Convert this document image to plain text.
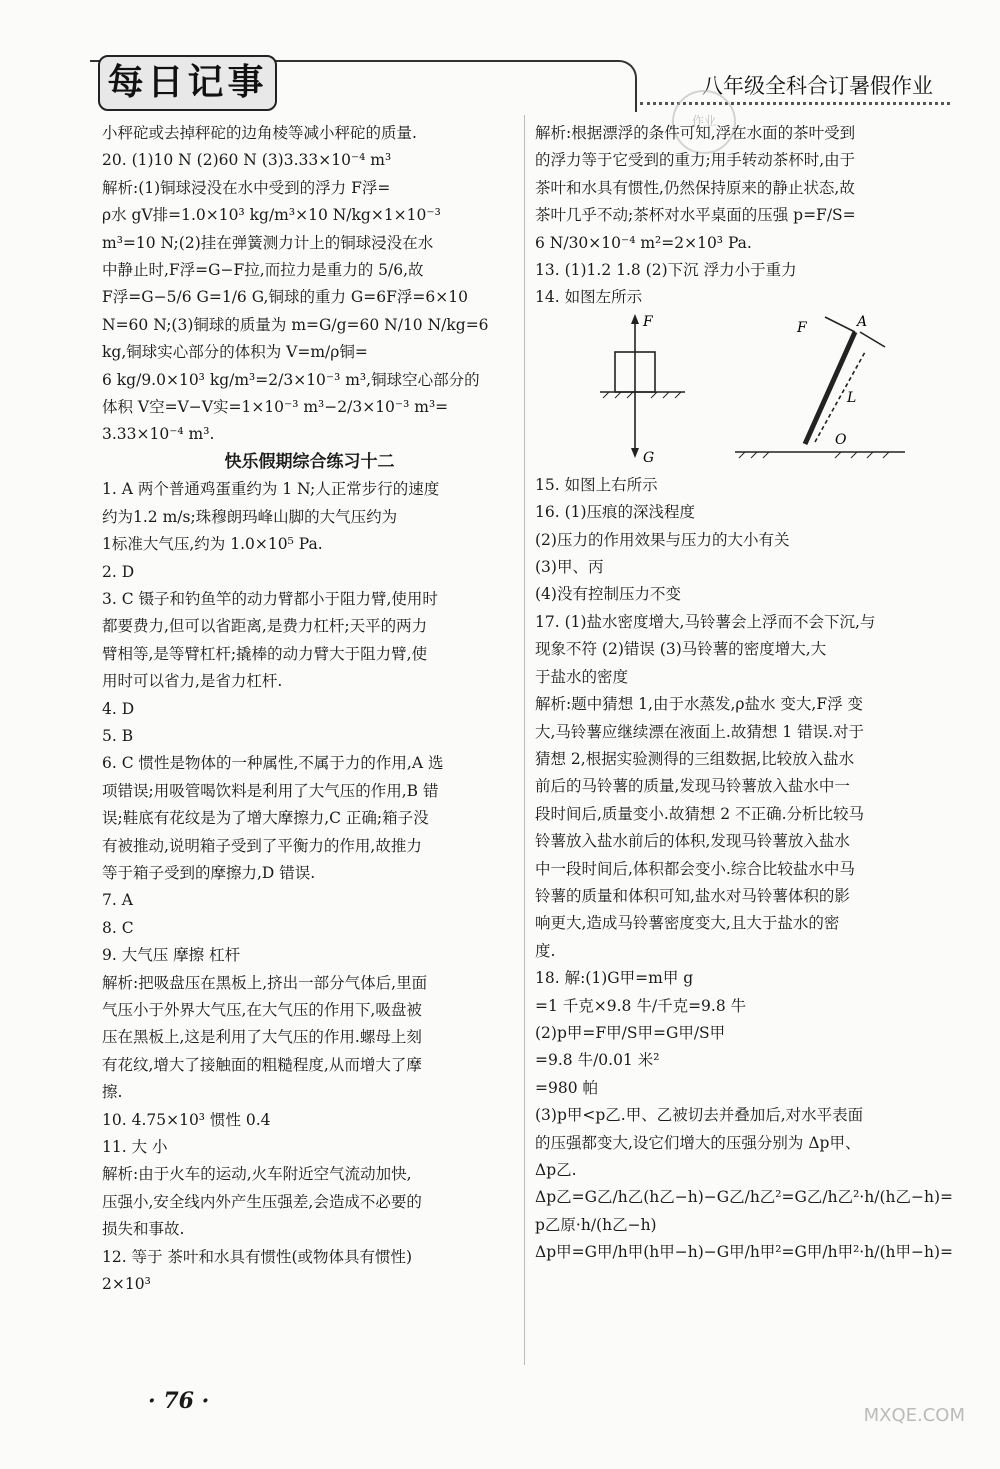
每日记事	八年级全科合订暑假作业
作业

小秤砣或去掉秤砣的边角棱等减小秤砣的质量.

20. (1)10 N (2)60 N (3)3.33×10⁻⁴ m³

解析:(1)铜球浸没在水中受到的浮力 F浮=

ρ水 gV排=1.0×10³ kg/m³×10 N/kg×1×10⁻³

m³=10 N;(2)挂在弹簧测力计上的铜球浸没在水

中静止时,F浮=G−F拉,而拉力是重力的 5/6,故

F浮=G−5/6 G=1/6 G,铜球的重力 G=6F浮=6×10

N=60 N;(3)铜球的质量为 m=G/g=60 N/10 N/kg=6

kg,铜球实心部分的体积为 V=m/ρ铜=

6 kg/9.0×10³ kg/m³=2/3×10⁻³ m³,铜球空心部分的

体积 V空=V−V实=1×10⁻³ m³−2/3×10⁻³ m³=

3.33×10⁻⁴ m³.

快乐假期综合练习十二

1. A 两个普通鸡蛋重约为 1 N;人正常步行的速度

约为1.2 m/s;珠穆朗玛峰山脚的大气压约为

1标准大气压,约为 1.0×10⁵ Pa.

2. D

3. C 镊子和钓鱼竿的动力臂都小于阻力臂,使用时

都要费力,但可以省距离,是费力杠杆;天平的两力

臂相等,是等臂杠杆;撬棒的动力臂大于阻力臂,使

用时可以省力,是省力杠杆.

4. D

5. B

6. C 惯性是物体的一种属性,不属于力的作用,A 选

项错误;用吸管喝饮料是利用了大气压的作用,B 错

误;鞋底有花纹是为了增大摩擦力,C 正确;箱子没

有被推动,说明箱子受到了平衡力的作用,故推力

等于箱子受到的摩擦力,D 错误.

7. A

8. C

9. 大气压 摩擦 杠杆

解析:把吸盘压在黑板上,挤出一部分气体后,里面

气压小于外界大气压,在大气压的作用下,吸盘被

压在黑板上,这是利用了大气压的作用.螺母上刻

有花纹,增大了接触面的粗糙程度,从而增大了摩

擦.

10. 4.75×10³ 惯性 0.4

11. 大 小

解析:由于火车的运动,火车附近空气流动加快,

压强小,安全线内外产生压强差,会造成不必要的

损失和事故.

12. 等于 茶叶和水具有惯性(或物体具有惯性)

2×10³

解析:根据漂浮的条件可知,浮在水面的茶叶受到

的浮力等于它受到的重力;用手转动茶杯时,由于

茶叶和水具有惯性,仍然保持原来的静止状态,故

茶叶几乎不动;茶杯对水平桌面的压强 p=F/S=

6 N/30×10⁻⁴ m²=2×10³ Pa.

13. (1)1.2 1.8 (2)下沉 浮力小于重力

14. 如图左所示

F
G
F	A
L
O

15. 如图上右所示

16. (1)压痕的深浅程度

(2)压力的作用效果与压力的大小有关

(3)甲、丙

(4)没有控制压力不变

17. (1)盐水密度增大,马铃薯会上浮而不会下沉,与

现象不符 (2)错误 (3)马铃薯的密度增大,大

于盐水的密度

解析:题中猜想 1,由于水蒸发,ρ盐水 变大,F浮 变

大,马铃薯应继续漂在液面上.故猜想 1 错误.对于

猜想 2,根据实验测得的三组数据,比较放入盐水

前后的马铃薯的质量,发现马铃薯放入盐水中一

段时间后,质量变小.故猜想 2 不正确.分析比较马

铃薯放入盐水前后的体积,发现马铃薯放入盐水

中一段时间后,体积都会变小.综合比较盐水中马

铃薯的质量和体积可知,盐水对马铃薯体积的影

响更大,造成马铃薯密度变大,且大于盐水的密

度.

18. 解:(1)G甲=m甲 g

=1 千克×9.8 牛/千克=9.8 牛

(2)p甲=F甲/S甲=G甲/S甲

=9.8 牛/0.01 米²

=980 帕

(3)p甲<p乙.甲、乙被切去并叠加后,对水平表面

的压强都变大,设它们增大的压强分别为 Δp甲、

Δp乙.

Δp乙=G乙/h乙(h乙−h)−G乙/h乙²=G乙/h乙²·h/(h乙−h)=

p乙原·h/(h乙−h)

Δp甲=G甲/h甲(h甲−h)−G甲/h甲²=G甲/h甲²·h/(h甲−h)=

· 76 ·
MXQE.COM
